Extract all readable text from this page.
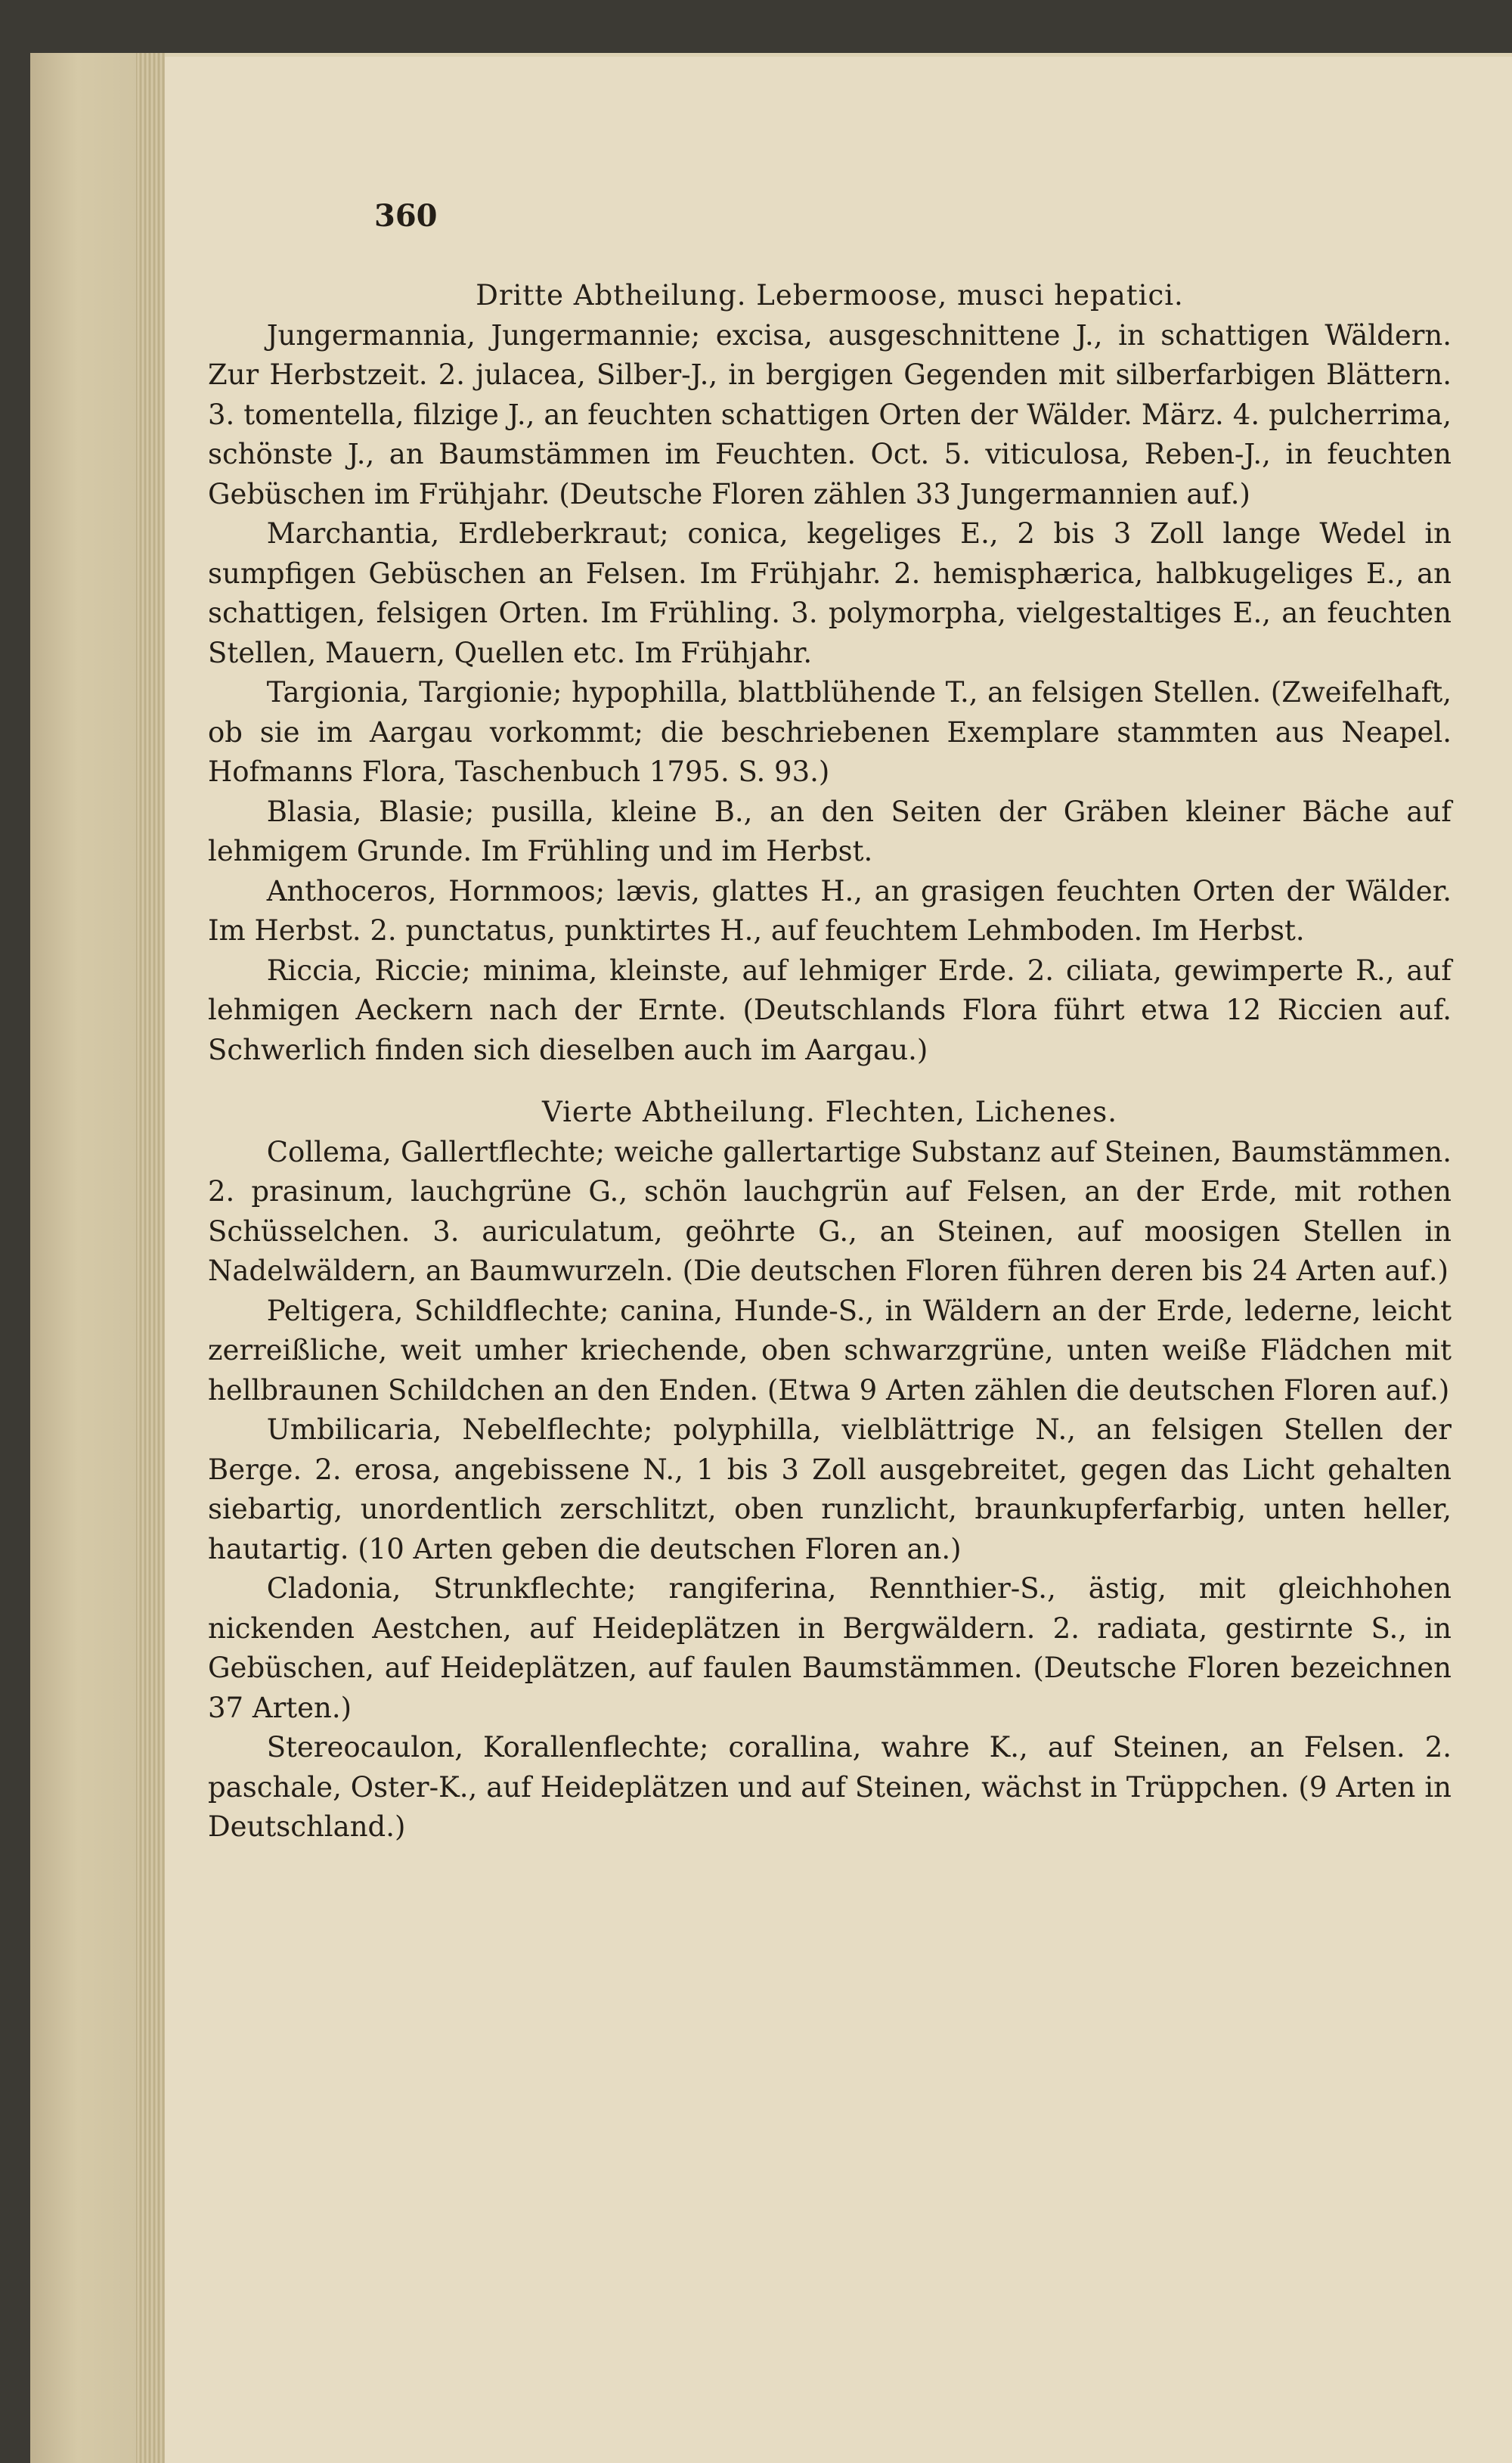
360

Dritte Abtheilung. Lebermoose, musci hepatici.

Jungermannia, Jungermannie; excisa, ausgeschnittene J., in schattigen Wäldern. Zur Herbstzeit. 2. julacea, Silber-J., in bergigen Gegenden mit silberfarbigen Blättern. 3. tomentella, filzige J., an feuchten schattigen Orten der Wälder. März. 4. pulcherrima, schönste J., an Baumstämmen im Feuchten. Oct. 5. viticulosa, Reben-J., in feuchten Gebüschen im Frühjahr. (Deutsche Floren zählen 33 Jungermannien auf.)

Marchantia, Erdleberkraut; conica, kegeliges E., 2 bis 3 Zoll lange Wedel in sumpfigen Gebüschen an Felsen. Im Frühjahr. 2. hemisphærica, halbkugeliges E., an schattigen, felsigen Orten. Im Frühling. 3. polymorpha, vielgestaltiges E., an feuchten Stellen, Mauern, Quellen etc. Im Frühjahr.

Targionia, Targionie; hypophilla, blattblühende T., an felsigen Stellen. (Zweifelhaft, ob sie im Aargau vorkommt; die beschriebenen Exemplare stammten aus Neapel. Hofmanns Flora, Taschenbuch 1795. S. 93.)

Blasia, Blasie; pusilla, kleine B., an den Seiten der Gräben kleiner Bäche auf lehmigem Grunde. Im Frühling und im Herbst.

Anthoceros, Hornmoos; lævis, glattes H., an grasigen feuchten Orten der Wälder. Im Herbst. 2. punctatus, punktirtes H., auf feuchtem Lehmboden. Im Herbst.

Riccia, Riccie; minima, kleinste, auf lehmiger Erde. 2. ciliata, gewimperte R., auf lehmigen Aeckern nach der Ernte. (Deutschlands Flora führt etwa 12 Riccien auf. Schwerlich finden sich dieselben auch im Aargau.)

Vierte Abtheilung. Flechten, Lichenes.

Collema, Gallertflechte; weiche gallertartige Substanz auf Steinen, Baumstämmen. 2. prasinum, lauchgrüne G., schön lauchgrün auf Felsen, an der Erde, mit rothen Schüsselchen. 3. auriculatum, geöhrte G., an Steinen, auf moosigen Stellen in Nadelwäldern, an Baumwurzeln. (Die deutschen Floren führen deren bis 24 Arten auf.)

Peltigera, Schildflechte; canina, Hunde-S., in Wäldern an der Erde, lederne, leicht zerreißliche, weit umher kriechende, oben schwarzgrüne, unten weiße Flädchen mit hellbraunen Schildchen an den Enden. (Etwa 9 Arten zählen die deutschen Floren auf.)

Umbilicaria, Nebelflechte; polyphilla, vielblättrige N., an felsigen Stellen der Berge. 2. erosa, angebissene N., 1 bis 3 Zoll ausgebreitet, gegen das Licht gehalten siebartig, unordentlich zerschlitzt, oben runzlicht, braunkupferfarbig, unten heller, hautartig. (10 Arten geben die deutschen Floren an.)

Cladonia, Strunkflechte; rangiferina, Rennthier-S., ästig, mit gleichhohen nickenden Aestchen, auf Heideplätzen in Bergwäldern. 2. radiata, gestirnte S., in Gebüschen, auf Heideplätzen, auf faulen Baumstämmen. (Deutsche Floren bezeichnen 37 Arten.)

Stereocaulon, Korallenflechte; corallina, wahre K., auf Steinen, an Felsen. 2. paschale, Oster-K., auf Heideplätzen und auf Steinen, wächst in Trüppchen. (9 Arten in Deutschland.)
